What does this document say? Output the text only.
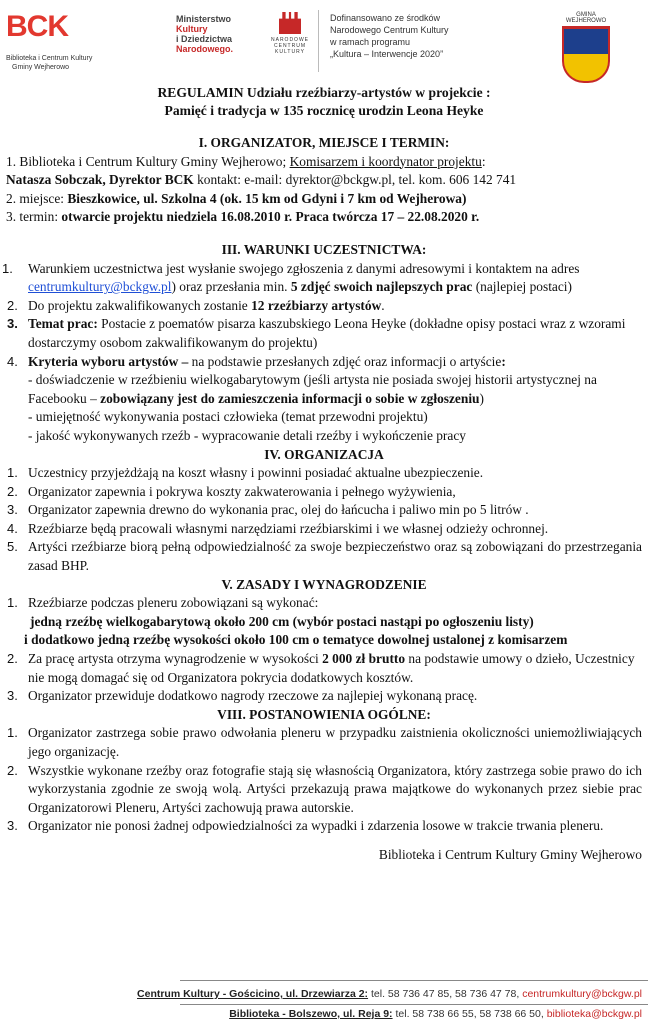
BCK
Biblioteka i Centrum Kultury
Gminy Wejherowo
Ministerstwo
Kultury
i Dziedzictwa
Narodowego.
NARODOWE
CENTRUM
KULTURY
Dofinansowano ze środków
Narodowego Centrum Kultury
w ramach programu
„Kultura – Interwencje 2020”
GMINA WEJHEROWO

REGULAMIN Udziału rzeźbiarzy-artystów w projekcie :

Pamięć i tradycja w 135 rocznicę urodzin Leona Heyke

I. ORGANIZATOR, MIEJSCE I TERMIN:

1. Biblioteka i Centrum Kultury Gminy Wejherowo; Komisarzem i koordynator projektu:

Natasza Sobczak, Dyrektor BCK kontakt: e-mail: dyrektor@bckgw.pl, tel. kom. 606 142 741

2. miejsce: Bieszkowice, ul. Szkolna 4 (ok. 15 km od Gdyni i 7 km od Wejherowa)

3. termin: otwarcie projektu niedziela 16.08.2010 r. Praca twórcza 17 – 22.08.2020 r.

III. WARUNKI UCZESTNICTWA:

1. Warunkiem uczestnictwa jest wysłanie swojego zgłoszenia z danymi adresowymi i kontaktem na adres centrumkultury@bckgw.pl) oraz przesłania min. 5 zdjęć swoich najlepszych prac (najlepiej postaci)
2. Do projektu zakwalifikowanych zostanie 12 rzeźbiarzy artystów.
3. Temat prac: Postacie z poematów pisarza kaszubskiego Leona Heyke (dokładne opisy postaci wraz z wzorami dostarczymy osobom zakwalifikowanym do projektu)
4. Kryteria wyboru artystów – na podstawie przesłanych zdjęć oraz informacji o artyście:
- doświadczenie w rzeźbieniu wielkogabarytowym (jeśli artysta nie posiada swojej historii artystycznej na Facebooku – zobowiązany jest do zamieszczenia informacji o sobie w zgłoszeniu)
- umiejętność wykonywania postaci człowieka (temat przewodni projektu)
- jakość wykonywanych rzeźb - wypracowanie detali rzeźby i wykończenie pracy

IV. ORGANIZACJA

1. Uczestnicy przyjeżdżają na koszt własny i powinni posiadać aktualne ubezpieczenie.
2. Organizator zapewnia i pokrywa koszty zakwaterowania i pełnego wyżywienia,
3. Organizator zapewnia drewno do wykonania prac, olej do łańcucha i paliwo min po 5 litrów .
4. Rzeźbiarze będą pracowali własnymi narzędziami rzeźbiarskimi i we własnej odzieży ochronnej.
5. Artyści rzeźbiarze biorą pełną odpowiedzialność za swoje bezpieczeństwo oraz są zobowiązani do przestrzegania zasad BHP.

V. ZASADY I WYNAGRODZENIE

1. Rzeźbiarze podczas pleneru zobowiązani są wykonać:

jedną rzeźbę wielkogabarytową około 200 cm (wybór postaci nastąpi po ogłoszeniu listy)

i dodatkowo jedną rzeźbę wysokości około 100 cm o tematyce dowolnej ustalonej z komisarzem

2. Za pracę artysta otrzyma wynagrodzenie w wysokości 2 000 zł brutto na podstawie umowy o dzieło, Uczestnicy nie mogą domagać się od Organizatora pokrycia dodatkowych kosztów.
3. Organizator przewiduje dodatkowo nagrody rzeczowe za najlepiej wykonaną pracę.

VIII. POSTANOWIENIA OGÓLNE:

1. Organizator zastrzega sobie prawo odwołania pleneru w przypadku zaistnienia okoliczności uniemożliwiających jego organizację.
2. Wszystkie wykonane rzeźby oraz fotografie stają się własnością Organizatora, który zastrzega sobie prawo do ich wykorzystania zgodnie ze swoją wolą. Artyści przekazują prawa majątkowe do wykonanych przez siebie prac Organizatorowi Pleneru, Artyści zachowują prawa autorskie.
3. Organizator nie ponosi żadnej odpowiedzialności za wypadki i zdarzenia losowe w trakcie trwania pleneru.

Biblioteka i Centrum Kultury Gminy Wejherowo

Centrum Kultury - Gościcino, ul. Drzewiarza 2: tel. 58 736 47 85, 58 736 47 78, centrumkultury@bckgw.pl
Biblioteka - Bolszewo, ul. Reja 9: tel. 58 738 66 55, 58 738 66 50, biblioteka@bckgw.pl
